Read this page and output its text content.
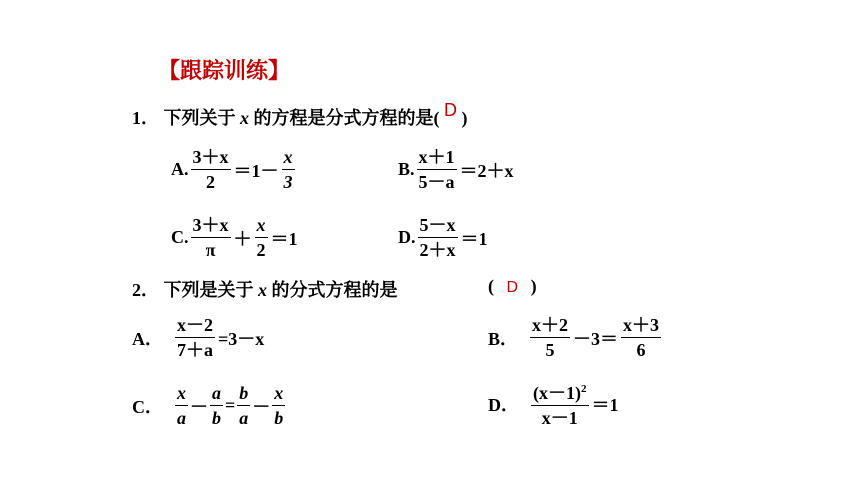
【跟踪训练】
1． 下列关于 x 的方程是分式方程的是( D )
A. $\frac{3+x}{2} =1- \frac{x}{3}$	B. $\frac{x+1}{5-a} =2+x$
C. $\frac{3+x}{\pi} + \frac{x}{2} =1$	D. $\frac{5-x}{2+x} =1$
2． 下列是关于 x 的分式方程的是	( D )
A． $\frac{x-2}{7+a} =3-x$	B． $\frac{x+2}{5} -3= \frac{x+3}{6}$
C． $\frac{x}{a} - \frac{a}{b} = \frac{b}{a} - \frac{x}{b}$	D． $\frac{(x-1)^2}{x-1} =1$
